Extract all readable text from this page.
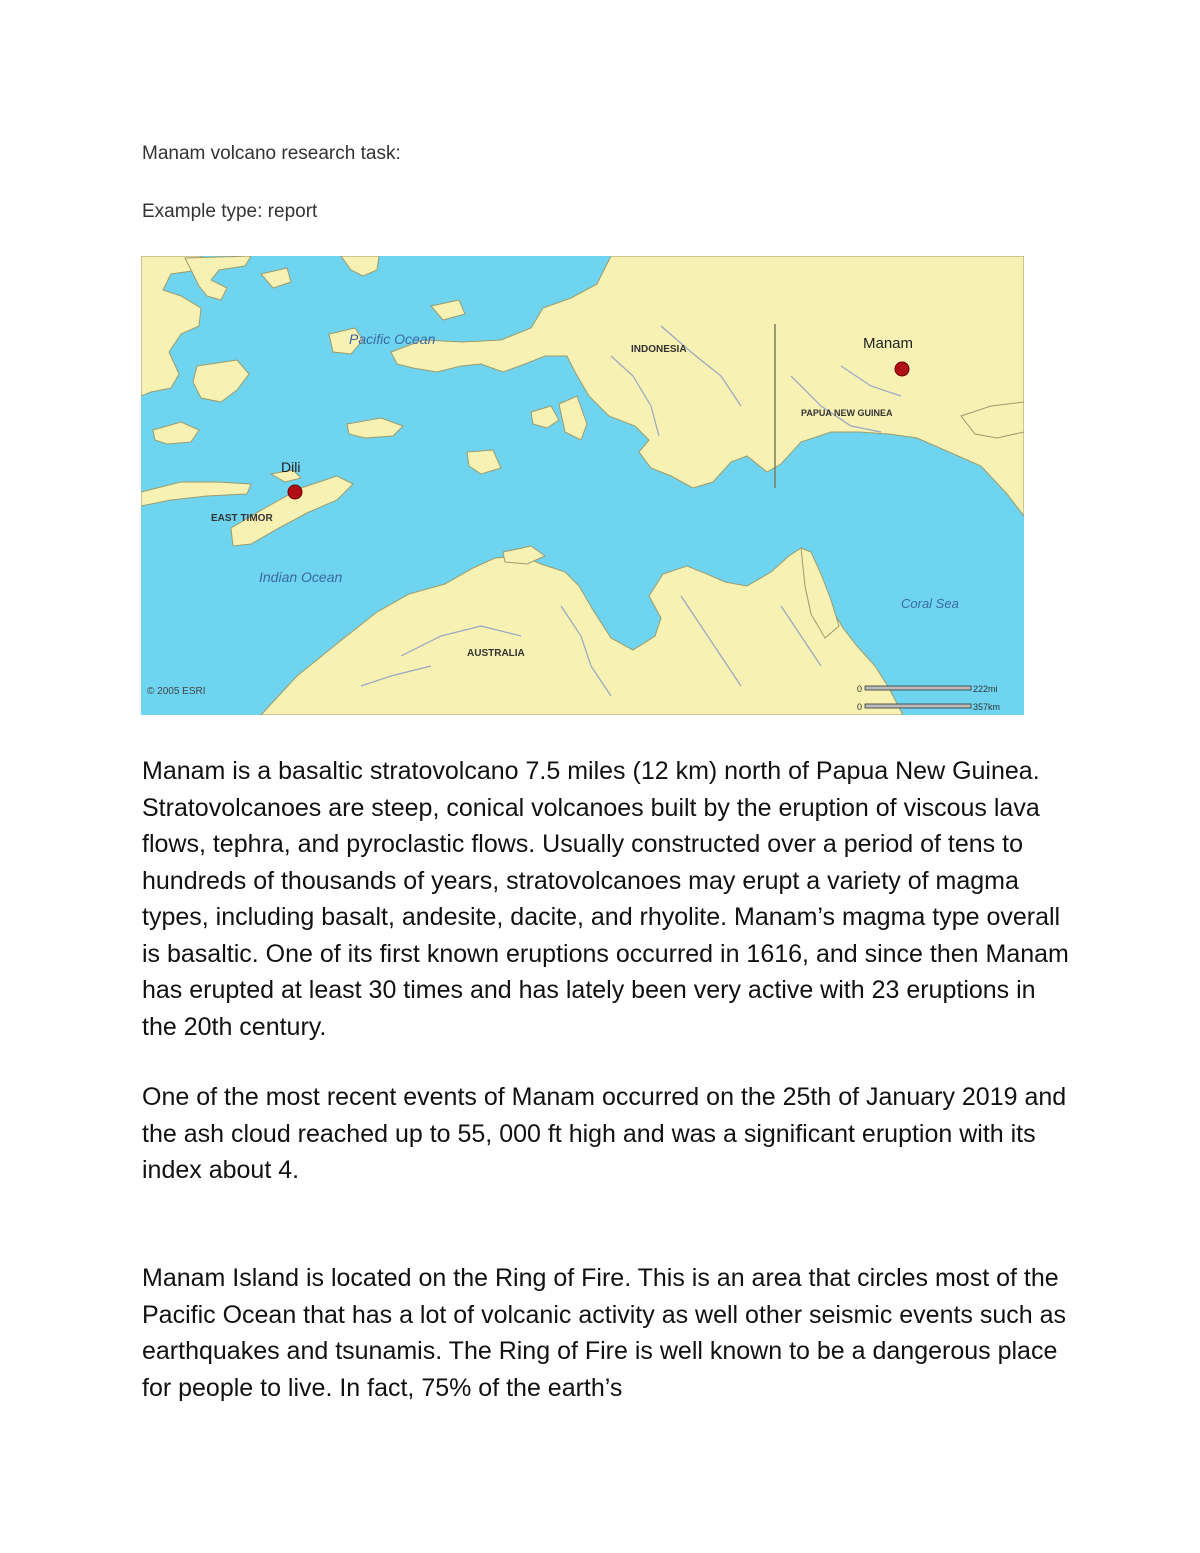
Manam volcano research task:
Example type: report
Pacific Ocean
INDONESIA	Manam
PAPUA NEW GUINEA
Dili
EAST TIMOR
Indian Ocean
AUSTRALIA
Coral Sea
© 2005 ESRI	0
0
222mi
357km

Manam is a basaltic stratovolcano 7.5 miles (12 km) north of Papua New Guinea. Stratovolcanoes are steep, conical volcanoes built by the eruption of viscous lava flows, tephra, and pyroclastic flows. Usually constructed over a period of tens to hundreds of thousands of years, stratovolcanoes may erupt a variety of magma types, including basalt, andesite, dacite, and rhyolite. Manam’s magma type overall is basaltic. One of its first known eruptions occurred in 1616, and since then Manam has erupted at least 30 times and has lately been very active with 23 eruptions in the 20th century.

One of the most recent events of Manam occurred on the 25th of January 2019 and the ash cloud reached up to 55, 000 ft high and was a significant eruption with its index about 4.

Manam Island is located on the Ring of Fire. This is an area that circles most of the Pacific Ocean that has a lot of volcanic activity as well other seismic events such as earthquakes and tsunamis. The Ring of Fire is well known to be a dangerous place for people to live. In fact, 75% of the earth’s
